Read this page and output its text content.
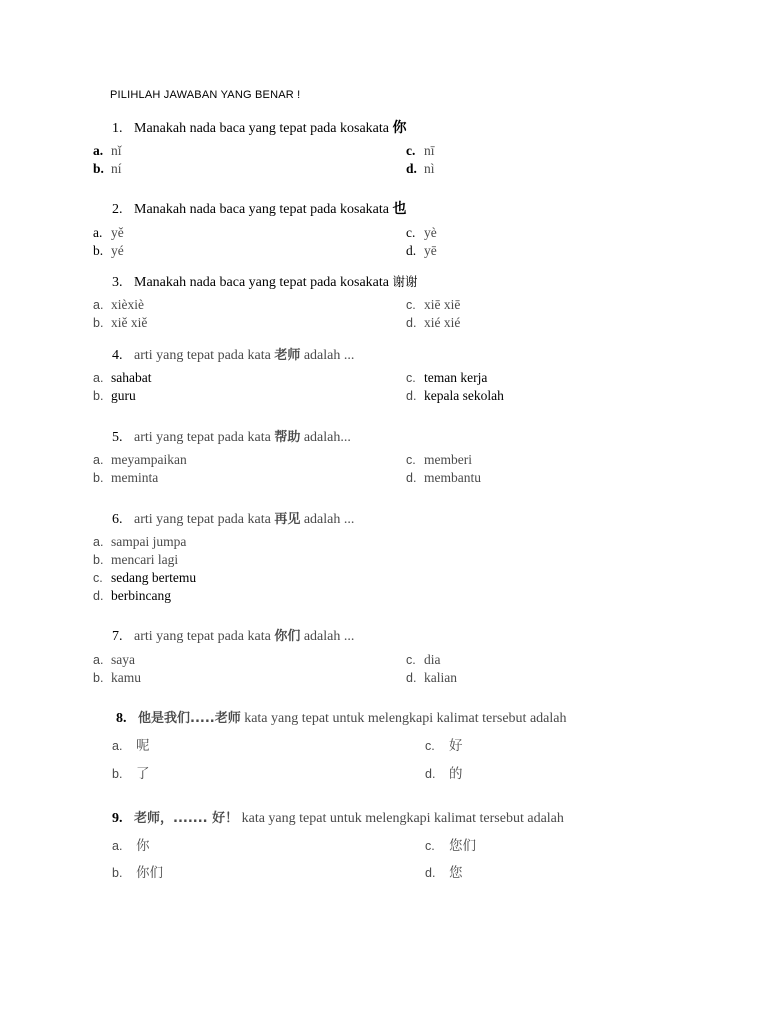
PILIHLAH JAWABAN YANG BENAR !
1. Manakah nada baca yang tepat pada kosakata 你
a. nǐ
b. ní
c. nī
d. nì
2. Manakah nada baca yang tepat pada kosakata 也
a. yě
b. yé
c. yè
d. yē
3. Manakah nada baca yang tepat pada kosakata 谢谢
a. xièxiè
b. xiě xiě
c. xiē xiē
d. xié xié
4. arti yang tepat pada kata 老师 adalah ...
a. sahabat
b. guru
c. teman kerja
d. kepala sekolah
5. arti yang tepat pada kata 帮助 adalah...
a. meyampaikan
b. meminta
c. memberi
d. membantu
6. arti yang tepat pada kata 再见 adalah ...
a. sampai jumpa
b. mencari lagi
c. sedang bertemu
d. berbincang
7. arti yang tepat pada kata 你们 adalah ...
a. saya
b. kamu
c. dia
d. kalian
8. 他是我们.....老师 kata yang tepat untuk melengkapi kalimat tersebut adalah
a. 呢
b. 了
c. 好
d. 的
9. 老师，....... 好！ kata yang tepat untuk melengkapi kalimat tersebut adalah
a. 你
b. 你们
c. 您们
d. 您
